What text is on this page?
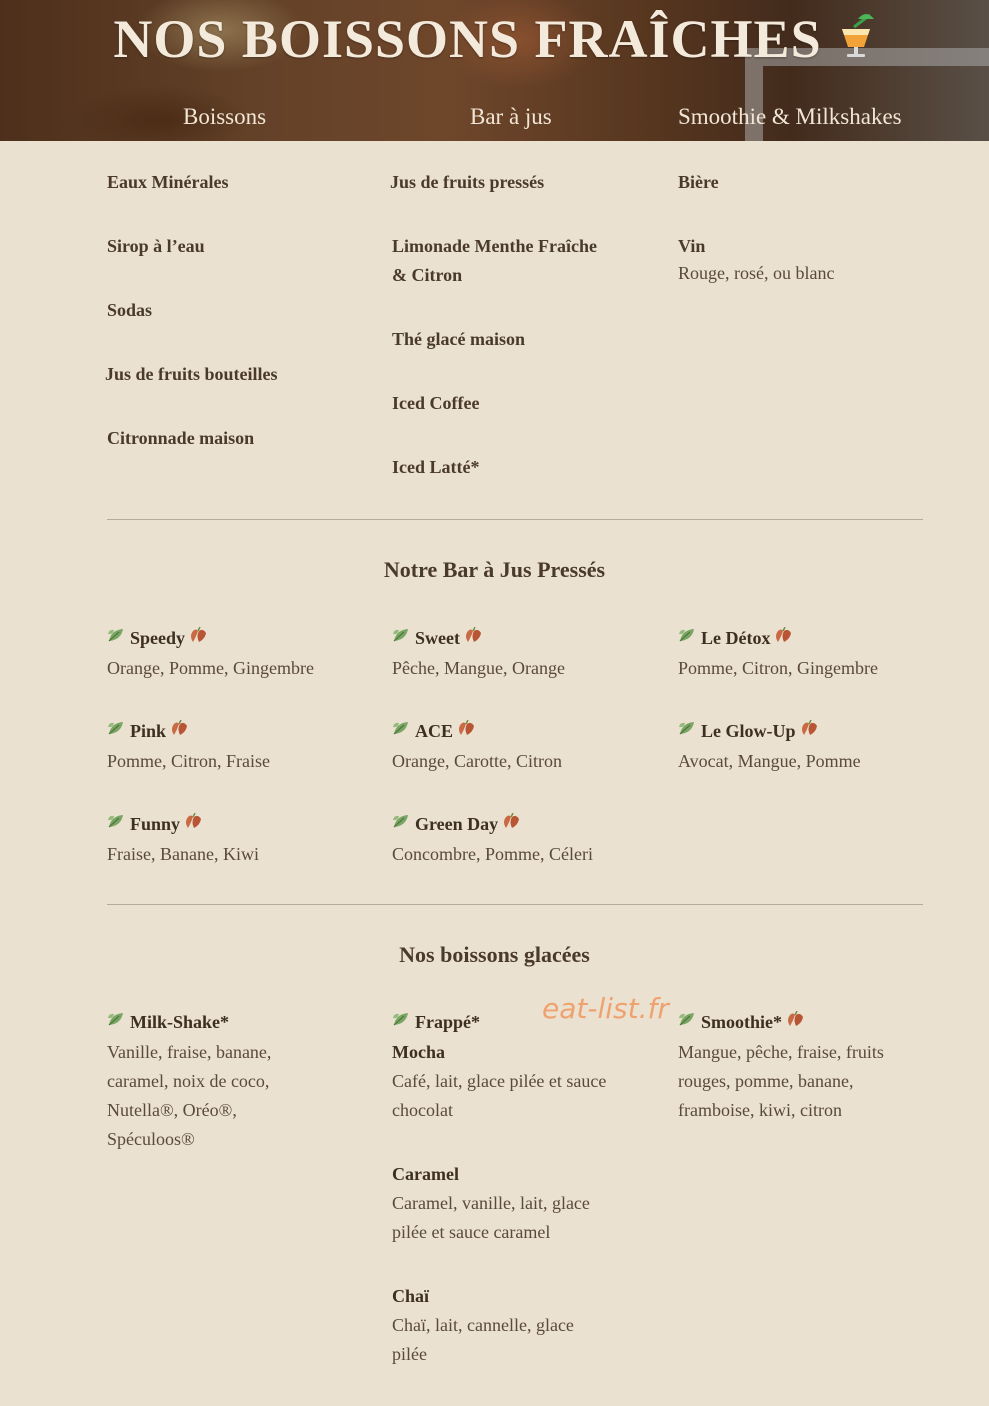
NOS BOISSONS FRAÎCHES
Boissons	Bar à jus	Smoothie & Milkshakes
Eaux Minérales
Sirop à l’eau
Sodas
Jus de fruits bouteilles
Citronnade maison
Jus de fruits pressés
Limonade Menthe Fraîche
& Citron
Thé glacé maison
Iced Coffee
Iced Latté*
Bière
Vin
Rouge, rosé, ou blanc
Notre Bar à Jus Pressés
Speedy
Orange, Pomme, Gingembre
Sweet
Pêche, Mangue, Orange
Le Détox
Pomme, Citron, Gingembre
Pink
Pomme, Citron, Fraise
ACE
Orange, Carotte, Citron
Le Glow-Up
Avocat, Mangue, Pomme
Funny
Fraise, Banane, Kiwi
Green Day
Concombre, Pomme, Céleri
Nos boissons glacées
eat-list.fr
Milk-Shake*
Vanille, fraise, banane,
caramel, noix de coco,
Nutella®, Oréo®,
Spéculoos®
Frappé*
Mocha
Café, lait, glace pilée et sauce
chocolat
Caramel
Caramel, vanille, lait, glace
pilée et sauce caramel
Chaï
Chaï, lait, cannelle, glace
pilée
Smoothie*
Mangue, pêche, fraise, fruits
rouges, pomme, banane,
framboise, kiwi, citron
